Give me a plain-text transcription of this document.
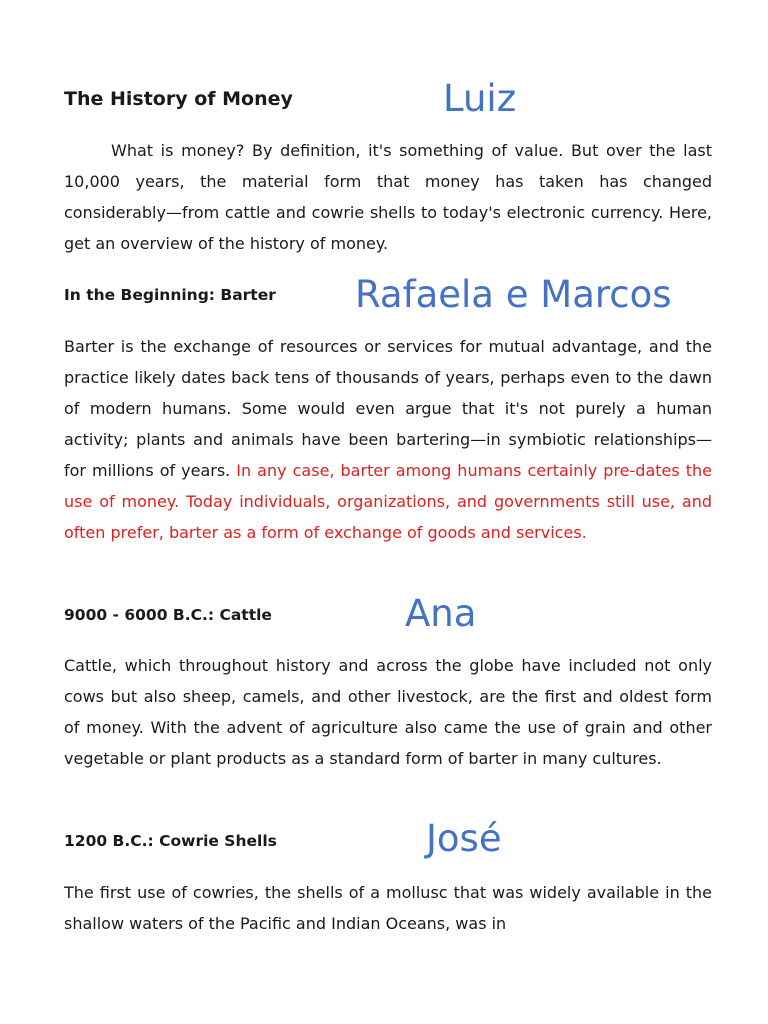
The History of Money	Luiz

What is money? By definition, it's something of value. But over the last 10,000 years, the material form that money has taken has changed considerably—from cattle and cowrie shells to today's electronic currency. Here, get an overview of the history of money.

In the Beginning: Barter Rafaela e Marcos

Barter is the exchange of resources or services for mutual advantage, and the practice likely dates back tens of thousands of years, perhaps even to the dawn of modern humans. Some would even argue that it's not purely a human activity; plants and animals have been bartering—in symbiotic relationships—for millions of years. In any case, barter among humans certainly pre-dates the use of money. Today individuals, organizations, and governments still use, and often prefer, barter as a form of exchange of goods and services.

9000 - 6000 B.C.: Cattle	Ana

Cattle, which throughout history and across the globe have included not only cows but also sheep, camels, and other livestock, are the first and oldest form of money. With the advent of agriculture also came the use of grain and other vegetable or plant products as a standard form of barter in many cultures.

1200 B.C.: Cowrie Shells	José

The first use of cowries, the shells of a mollusc that was widely available in the shallow waters of the Pacific and Indian Oceans, was in
